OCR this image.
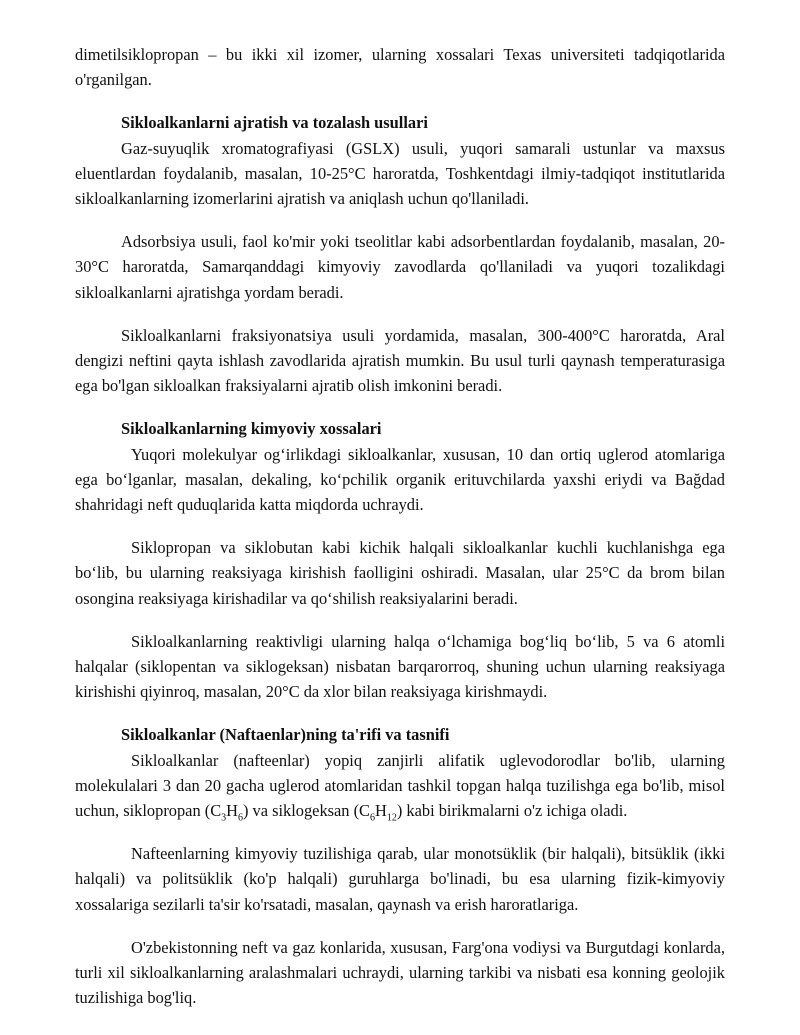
dimetilsiklopropan – bu ikki xil izomer, ularning xossalari Texas universiteti tadqiqotlarida o'rganilgan.

Sikloalkanlarni ajratish va tozalash usullari

Gaz-suyuqlik xromatografiyasi (GSLX) usuli, yuqori samarali ustunlar va maxsus eluentlardan foydalanib, masalan, 10-25°C haroratda, Toshkentdagi ilmiy-tadqiqot institutlarida sikloalkanlarning izomerlarini ajratish va aniqlash uchun qo'llaniladi.

Adsorbsiya usuli, faol ko'mir yoki tseolitlar kabi adsorbentlardan foydalanib, masalan, 20-30°C haroratda, Samarqanddagi kimyoviy zavodlarda qo'llaniladi va yuqori tozalikdagi sikloalkanlarni ajratishga yordam beradi.

Sikloalkanlarni fraksiyonatsiya usuli yordamida, masalan, 300-400°C haroratda, Aral dengizi neftini qayta ishlash zavodlarida ajratish mumkin. Bu usul turli qaynash temperaturasiga ega bo'lgan sikloalkan fraksiyalarni ajratib olish imkonini beradi.

Sikloalkanlarning kimyoviy xossalari

Yuqori molekulyar og‘irlikdagi sikloalkanlar, xususan, 10 dan ortiq uglerod atomlariga ega bo‘lganlar, masalan, dekaling, ko‘pchilik organik erituvchilarda yaxshi eriydi va Bağdad shahridagi neft quduqlarida katta miqdorda uchraydi.

Siklopropan va siklobutan kabi kichik halqali sikloalkanlar kuchli kuchlanishga ega bo‘lib, bu ularning reaksiyaga kirishish faolligini oshiradi. Masalan, ular 25°C da brom bilan osongina reaksiyaga kirishadilar va qo‘shilish reaksiyalarini beradi.

Sikloalkanlarning reaktivligi ularning halqa o‘lchamiga bog‘liq bo‘lib, 5 va 6 atomli halqalar (siklopentan va siklogeksan) nisbatan barqarorroq, shuning uchun ularning reaksiyaga kirishishi qiyinroq, masalan, 20°C da xlor bilan reaksiyaga kirishmaydi.

Sikloalkanlar (Naftaenlar)ning ta'rifi va tasnifi

Sikloalkanlar (nafteenlar) yopiq zanjirli alifatik uglevodorodlar bo'lib, ularning molekulalari 3 dan 20 gacha uglerod atomlaridan tashkil topgan halqa tuzilishga ega bo'lib, misol uchun, siklopropan $(C_3H_6)$ va siklogeksan $(C_6H_{12})$ kabi birikmalarni o'z ichiga oladi.

Nafteenlarning kimyoviy tuzilishiga qarab, ular monotsüklik (bir halqali), bitsüklik (ikki halqali) va politsüklik (ko'p halqali) guruhlarga bo'linadi, bu esa ularning fizik-kimyoviy xossalariga sezilarli ta'sir ko'rsatadi, masalan, qaynash va erish haroratlariga.

O'zbekistonning neft va gaz konlarida, xususan, Farg'ona vodiysi va Burgutdagi konlarda, turli xil sikloalkanlarning aralashmalari uchraydi, ularning tarkibi va nisbati esa konning geolojik tuzilishiga bog'liq.
